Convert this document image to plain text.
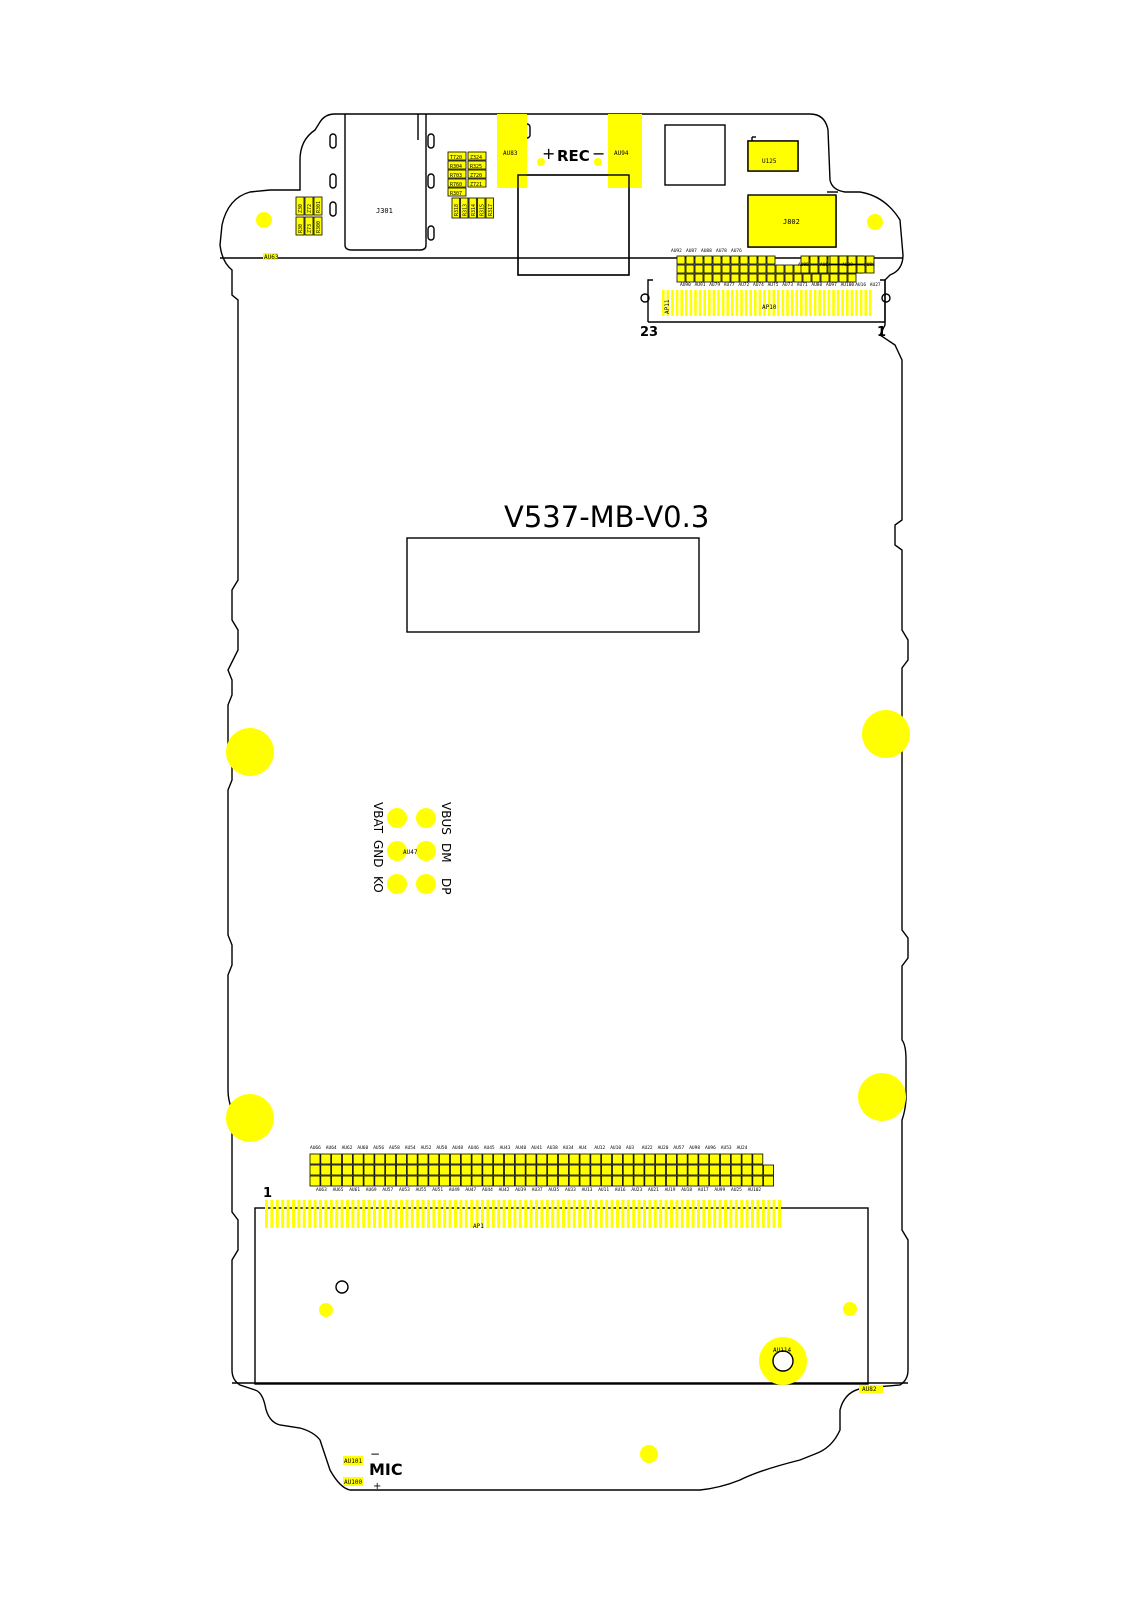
AU92 AU87 AU88 AU78 AU76
AU90 AU91 AU79 AU77 AU72 AU74 AU75 AU73 AU71 AU80 AU97 AU100 AU16 AU27
AU85 AU84 AU89 AU86
AU66 AU64 AU62 AU60 AU56 AU58 AU54 AU52 AU50 AU48 AU46 AU45 AU43 AU40 AU41 AU38 AU34 AU4 AU12 AU10 AU3 AU22 AU20 AU57 AU98 AU96 AU53 AU24
AU63 AU65 AU61 AU69 AU57 AU53 AU55 AU51 AU49 AU47 AU44 AU42 AU39 AU37 AU35 AU33 AU13 AU11 AU16 AU23 AU21 AU19 AU18 AU17 AU99 AU25 AU102
Z30
R30
Z72
Z73
R301
R300
T720
R304
R703
R760
R307
Z324
R325
Z720
Z721
R318 R313 R314 R315 R317
V537-MB-V0.3
+ REC −
AU83	AU94
AU63
J301
J802
U125
AP10
AP11
23	1
AU47
VBAT
GND
KO
VBUS
DM
DP
AP1
1
AU114
AU82
AU101
AU100
−
MIC
+
